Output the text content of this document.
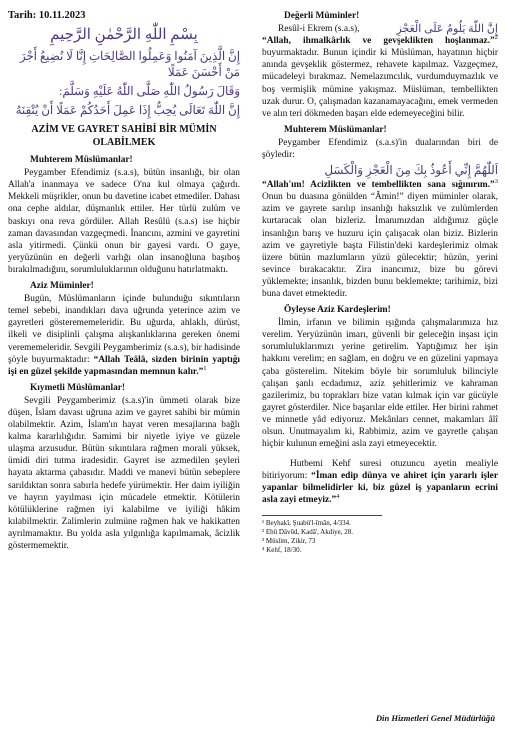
Tarih: 10.11.2023
بِسْمِ اللّٰهِ الرَّحْمٰنِ الرَّحِيمِ
إِنَّ الَّذِينَ آمَنُوا وَعَمِلُوا الصَّالِحَاتِ إِنَّا لَا نُضِيعُ أَجْرَ مَنْ أَحْسَنَ عَمَلًا
وَقَالَ رَسُولُ اللّٰهِ صَلَّى اللّٰهُ عَلَيْهِ وَسَلَّمَ:
إِنَّ اللّٰهَ تَعَالَى يُحِبُّ إِذَا عَمِلَ أَحَدُكُمْ عَمَلًا أَنْ يُتْقِنَهُ
AZİM VE GAYRET SAHİBİ BİR MÜMİN OLABİLMEK
Muhterem Müslümanlar!

Peygamber Efendimiz (s.a.s), bütün insanlığı, bir olan Allah'a inanmaya ve sadece O'na kul olmaya çağırdı. Mekkeli müşrikler, onun bu davetine icabet etmediler. Dahası ona cephe aldılar, düşmanlık ettiler. Her türlü zulüm ve baskıyı ona reva gördüler. Allah Resûlü (s.a.s) ise hiçbir zaman davasından vazgeçmedi. İnancını, azmini ve gayretini asla yitirmedi. Çünkü onun bir gayesi vardı. O gaye, yeryüzünün en değerli varlığı olan insanoğluna başıboş bırakılmadığını, sorumluluklarının olduğunu hatırlatmaktı.

Aziz Müminler!

Bugün, Müslümanların içinde bulunduğu sıkıntıların temel sebebi, inandıkları dava uğrunda yeterince azim ve gayretleri gösterememeleridir. Bu uğurda, ahlaklı, dürüst, ilkeli ve disiplinli çalışma alışkanlıklarına gereken önemi verememeleridir. Sevgili Peygamberimiz (s.a.s), bir hadisinde şöyle buyurmaktadır: “Allah Teâlâ, sizden birinin yaptığı işi en güzel şekilde yapmasından memnun kalır.”$^1$

Kıymetli Müslümanlar!

Sevgili Peygamberimiz (s.a.s)'in ümmeti olarak bize düşen, İslam davası uğruna azim ve gayret sahibi bir mümin olabilmektir. Azim, İslam'ın hayat veren mesajlarına bağlı kalma kararlılığıdır. Samimi bir niyetle iyiye ve güzele ulaşma arzusudur. Bütün sıkıntılara rağmen morali yüksek, ümidi diri tutma iradesidir. Gayret ise azmedilen şeyleri hayata aktarma çabasıdır. Maddi ve manevi bütün sebeplere sarıldıktan sonra sabırla hedefe yürümektir. Her daim iyiliğin ve hayrın yayılması için mücadele etmektir. Kötülerin kötülüklerine rağmen iyi kalabilme ve iyiliği hâkim kılabilmektir. Zalimlerin zulmüne rağmen hak ve hakikatten ayrılmamaktır. Bu yolda asla yılgınlığa kapılmamak, âcizlik göstermemektir.

Değerli Müminler!
Resûl-i Ekrem (s.a.s),	إِنَّ اللّٰهَ يَلُومُ عَلَى الْعَجْزِ

“Allah, ihmalkârlık ve gevşeklikten hoşlanmaz.”$^2$ buyurmaktadır. Bunun içindir ki Müslüman, hayatının hiçbir anında gevşeklik göstermez, rehavete kapılmaz. Vazgeçmez, mücadeleyi bırakmaz. Nemelazımcılık, vurdumduymazlık ve boş vermişlik mümine yakışmaz. Müslüman, tembellikten uzak durur. O, çalışmadan kazanamayacağını, emek vermeden ve alın teri dökmeden başarı elde edemeyeceğini bilir.

Muhterem Müslümanlar!

Peygamber Efendimiz (s.a.s)'in dualarından biri de şöyledir:

اَللّٰهُمَّ إِنِّي أَعُوذُ بِكَ مِنَ الْعَجْزِ وَالْكَسَلِ

“Allah'ım! Acizlikten ve tembellikten sana sığınırım.”$^3$ Onun bu duasına gönülden “Âmin!” diyen müminler olarak, azim ve gayrete sarılıp insanlığı haksızlık ve zulümlerden kurtaracak olan bizleriz. İmanımızdan aldığımız güçle insanlığın barış ve huzuru için çalışacak olan biziz. Bizlerin azim ve gayretiyle başta Filistin'deki kardeşlerimiz olmak üzere bütün mazlumların yüzü gülecektir; hüzün, yerini sevince bırakacaktır. Zira inancımız, bize bu görevi yüklemekte; insanlık, bizden bunu beklemekte; tarihimiz, bizi buna davet etmektedir.

Öyleyse Aziz Kardeşlerim!

İlmin, irfanın ve bilimin ışığında çalışmalarımıza hız verelim. Yeryüzünün imarı, güvenli bir geleceğin inşası için sorumluluklarımızı yerine getirelim. Yaptığımız her işin hakkını verelim; en sağlam, en doğru ve en güzelini yapmaya çaba gösterelim. Nitekim böyle bir sorumluluk bilinciyle çalışan şanlı ecdadımız, aziz şehitlerimiz ve kahraman gazilerimiz, bu toprakları bize vatan kılmak için var gücüyle gayret gösterdiler. Nice başarılar elde ettiler. Her birini rahmet ve minnetle yâd ediyoruz. Mekânları cennet, makamları âlî olsun. Unutmayalım ki, Rabbimiz, azim ve gayretle çalışan hiçbir kulunun emeğini asla zayi etmeyecektir.

Hutbemi Kehf suresi otuzuncu ayetin mealiyle bitiriyorum: “İman edip dünya ve ahiret için yararlı işler yapanlar bilmelidirler ki, biz güzel iş yapanların ecrini asla zayi etmeyiz.”$^4$

¹ Beyhakî, Şuabü'l-îmân, 4/334.
² Ebû Dâvûd, Kadâ', Akdiye, 28.
³ Müslim, Zikir, 73
⁴ Kehf, 18/30.
Din Hizmetleri Genel Müdürlüğü
